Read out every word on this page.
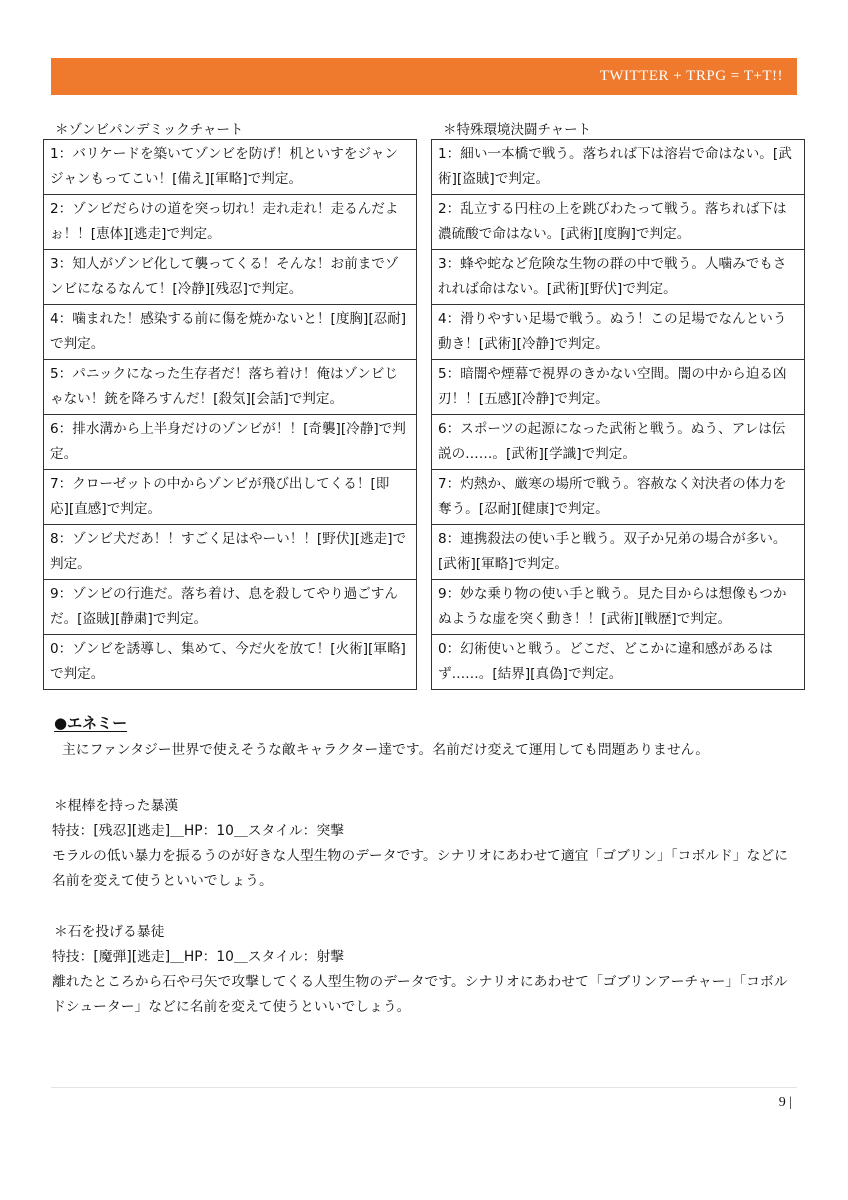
TWITTER + TRPG = T+T!!
＊ゾンビパンデミックチャート
1：バリケードを築いてゾンビを防げ！机といすをジャンジャンもってこい！[備え][軍略]で判定。
2：ゾンビだらけの道を突っ切れ！走れ走れ！走るんだよぉ！！[恵体][逃走]で判定。
3：知人がゾンビ化して襲ってくる！そんな！お前までゾンビになるなんて！[冷静][残忍]で判定。
4：噛まれた！感染する前に傷を焼かないと！[度胸][忍耐]で判定。
5：パニックになった生存者だ！落ち着け！俺はゾンビじゃない！銃を降ろすんだ！[殺気][会話]で判定。
6：排水溝から上半身だけのゾンビが！！[奇襲][冷静]で判定。
7：クローゼットの中からゾンビが飛び出してくる！[即応][直感]で判定。
8：ゾンビ犬だあ！！すごく足はやーい！！[野伏][逃走]で判定。
9：ゾンビの行進だ。落ち着け、息を殺してやり過ごすんだ。[盗賊][静粛]で判定。
0：ゾンビを誘導し、集めて、今だ火を放て！[火術][軍略]で判定。
＊特殊環境決闘チャート
1：細い一本橋で戦う。落ちれば下は溶岩で命はない。[武術][盗賊]で判定。
2：乱立する円柱の上を跳びわたって戦う。落ちれば下は濃硫酸で命はない。[武術][度胸]で判定。
3：蜂や蛇など危険な生物の群の中で戦う。人噛みでもされれば命はない。[武術][野伏]で判定。
4：滑りやすい足場で戦う。ぬう！この足場でなんという動き！[武術][冷静]で判定。
5：暗闇や煙幕で視界のきかない空間。闇の中から迫る凶刃！！[五感][冷静]で判定。
6：スポーツの起源になった武術と戦う。ぬう、アレは伝説の……。[武術][学識]で判定。
7：灼熱か、厳寒の場所で戦う。容赦なく対決者の体力を奪う。[忍耐][健康]で判定。
8：連携殺法の使い手と戦う。双子か兄弟の場合が多い。[武術][軍略]で判定。
9：妙な乗り物の使い手と戦う。見た目からは想像もつかぬような虚を突く動き！！[武術][戦歴]で判定。
0：幻術使いと戦う。どこだ、どこかに違和感があるはず……。[結界][真偽]で判定。
●エネミー
主にファンタジー世界で使えそうな敵キャラクター達です。名前だけ変えて運用しても問題ありません。
＊棍棒を持った暴漢
特技：[残忍][逃走]＿HP：10＿スタイル：突撃
モラルの低い暴力を振るうのが好きな人型生物のデータです。シナリオにあわせて適宜「ゴブリン」「コボルド」などに名前を変えて使うといいでしょう。
＊石を投げる暴徒
特技：[魔弾][逃走]＿HP：10＿スタイル：射撃
離れたところから石や弓矢で攻撃してくる人型生物のデータです。シナリオにあわせて「ゴブリンアーチャー」「コボルドシューター」などに名前を変えて使うといいでしょう。
9 |
